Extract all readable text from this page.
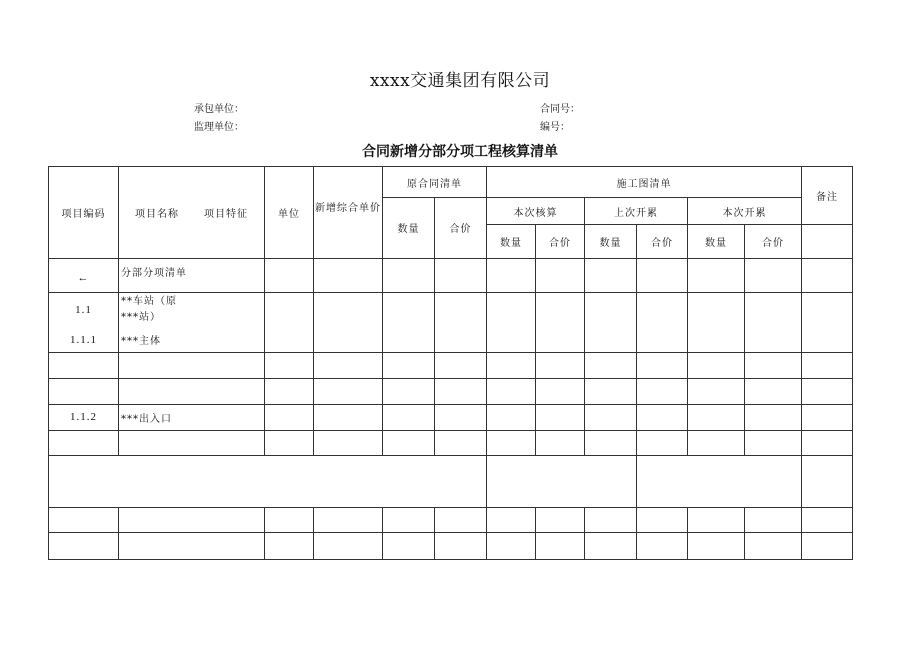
xxxx交通集团有限公司
承包单位：
监理单位：
合同号：
编号：
合同新增分部分项工程核算清单
项目编码	项目名称 项目特征	单位	新增综合单价	原合同清单		施工图清单						备注
				数量	合价	本次核算		上次开累		本次开累		
						数量	合价	数量	合价	数量	合价	
←	分部分项清单											
1.1	**车站（原
***站）											

1.1.1	***主体											

1.1.2	***出入口											
